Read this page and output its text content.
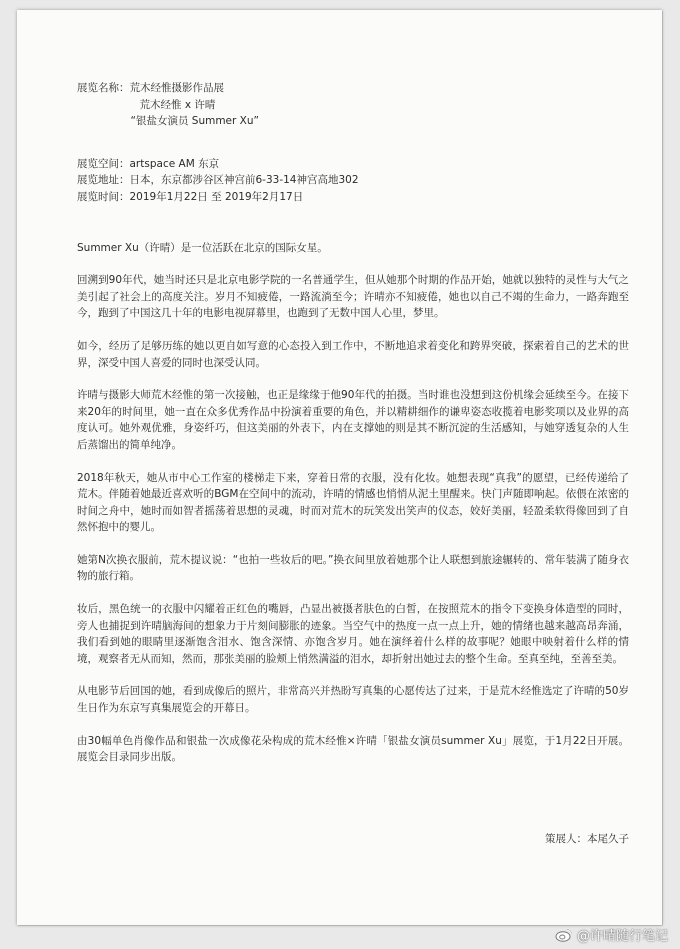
展览名称： 荒木经惟摄影作品展
荒木经惟 x 许晴
“银盐女演员 Summer Xu”
展览空间：artspace AM 东京
展览地址：日本，东京都涉谷区神宫前6-33-14神宫高地302
展览时间：2019年1月22日 至 2019年2月17日

Summer Xu（许晴）是一位活跃在北京的国际女星。

回溯到90年代，她当时还只是北京电影学院的一名普通学生，但从她那个时期的作品开始，她就以独特的灵性与大气之美引起了社会上的高度关注。岁月不知疲倦，一路流淌至今；许晴亦不知疲倦，她也以自己不竭的生命力，一路奔跑至今，跑到了中国这几十年的电影电视屏幕里，也跑到了无数中国人心里，梦里。

如今，经历了足够历练的她以更自如写意的心态投入到工作中，不断地追求着变化和跨界突破，探索着自己的艺术的世界，深受中国人喜爱的同时也深受认同。

许晴与摄影大师荒木经惟的第一次接触，也正是缘缘于他90年代的拍摄。当时谁也没想到这份机缘会延续至今。在接下来20年的时间里，她一直在众多优秀作品中扮演着重要的角色，并以精耕细作的谦卑姿态收揽着电影奖项以及业界的高度认可。她外观优雅，身姿纤巧，但这美丽的外表下，内在支撑她的则是其不断沉淀的生活感知，与她穿透复杂的人生后蒸馏出的简单纯净。

2018年秋天，她从市中心工作室的楼梯走下来，穿着日常的衣服，没有化妆。她想表现“真我”的愿望，已经传递给了荒木。伴随着她最近喜欢听的BGM在空间中的流动，许晴的情感也悄悄从泥土里醒来。快门声随即响起。依偎在浓密的时间之舟中，她时而如智者摇荡着思想的灵魂，时而对荒木的玩笑发出笑声的仪态，姣好美丽，轻盈柔软得像回到了自然怀抱中的婴儿。

她第N次换衣服前，荒木提议说：“也拍一些妆后的吧。”换衣间里放着她那个让人联想到旅途辗转的、常年装满了随身衣物的旅行箱。

妆后，黑色统一的衣服中闪耀着正红色的嘴唇，凸显出被摄者肤色的白皙，在按照荒木的指令下变换身体造型的同时，旁人也捕捉到许晴脑海间的想象力于片刻间膨胀的迹象。当空气中的热度一点一点上升，她的情绪也越来越高昂奔涌，我们看到她的眼睛里逐渐饱含泪水、饱含深情、亦饱含岁月。她在演绎着什么样的故事呢？她眼中映射着什么样的情境，观察者无从而知，然而，那张美丽的脸颊上悄然满溢的泪水，却折射出她过去的整个生命。至真至纯，至善至美。

从电影节后回国的她，看到成像后的照片，非常高兴并热盼写真集的心愿传达了过来，于是荒木经惟选定了许晴的50岁生日作为东京写真集展览会的开幕日。

由30幅单色肖像作品和银盐一次成像花朵构成的荒木经惟×许晴「银盐女演员summer Xu」展览，于1月22日开展。展览会目录同步出版。

策展人：本尾久子
@许晴随行笔记
